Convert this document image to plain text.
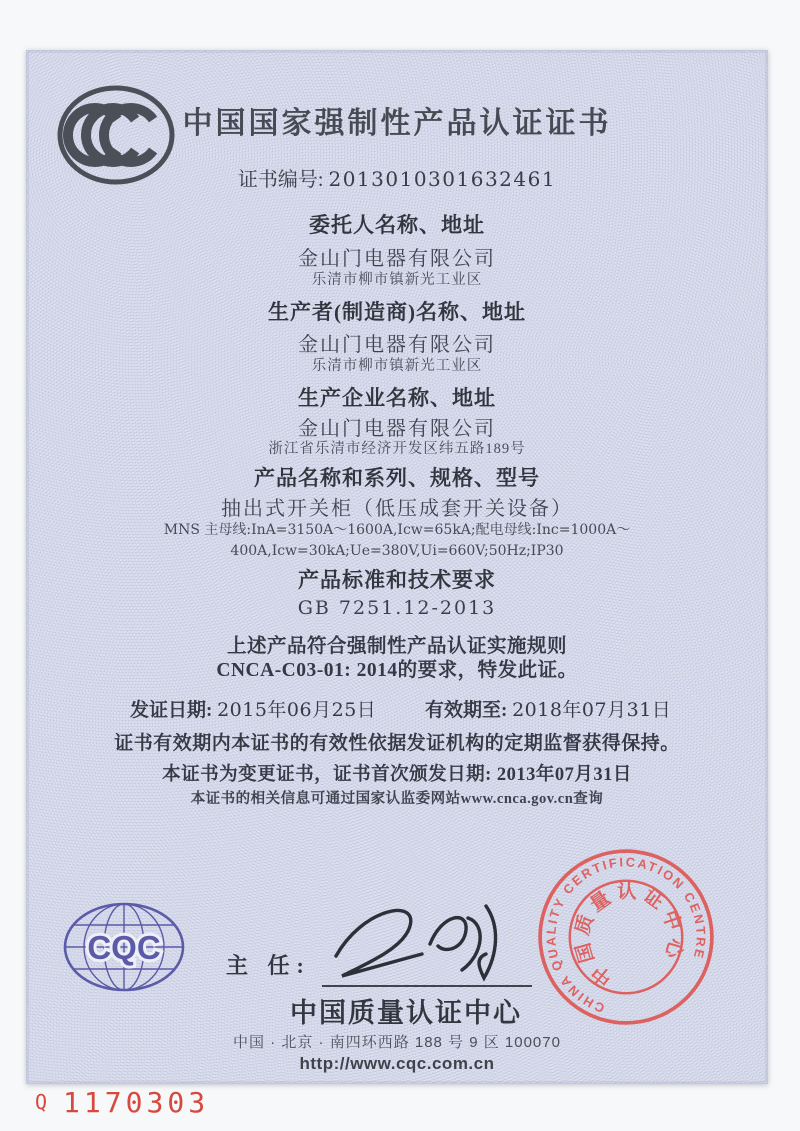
中国国家强制性产品认证证书
证书编号: 2013010301632461
委托人名称、地址
金山门电器有限公司
乐清市柳市镇新光工业区
生产者(制造商)名称、地址
金山门电器有限公司
乐清市柳市镇新光工业区
生产企业名称、地址
金山门电器有限公司
浙江省乐清市经济开发区纬五路189号
产品名称和系列、规格、型号
抽出式开关柜（低压成套开关设备）
MNS 主母线:InA=3150A～1600A,Icw=65kA;配电母线:Inc=1000A～
400A,Icw=30kA;Ue=380V,Ui=660V;50Hz;IP30
产品标准和技术要求
GB 7251.12-2013
上述产品符合强制性产品认证实施规则
CNCA-C03-01: 2014的要求，特发此证。
发证日期: 2015年06月25日	有效期至: 2018年07月31日
证书有效期内本证书的有效性依据发证机构的定期监督获得保持。
本证书为变更证书，证书首次颁发日期: 2013年07月31日
本证书的相关信息可通过国家认监委网站www.cnca.gov.cn查询
CQC	主 任:
中国质量认证中心
中国 · 北京 · 南四环西路 188 号 9 区 100070
http://www.cqc.com.cn
CHINA QUALITY CERTIFICATION CENTRE
中国质量认证中心
Q 1170303
